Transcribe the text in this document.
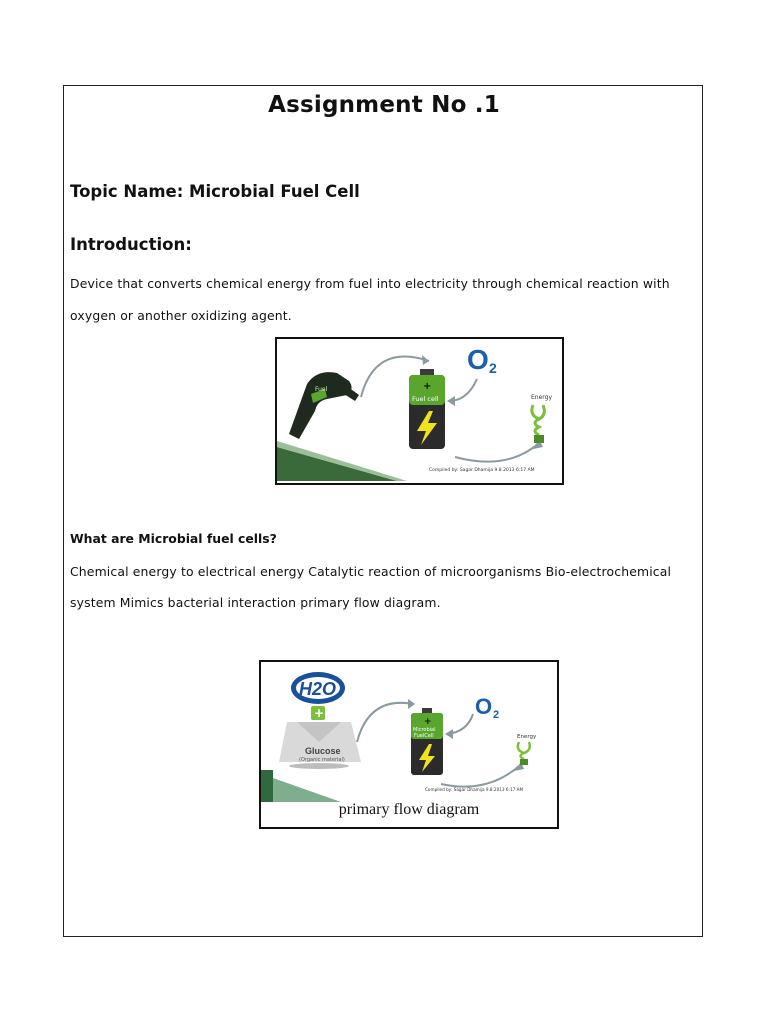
Assignment No .1
Topic Name: Microbial Fuel Cell
Introduction:
Device that converts chemical energy from fuel into electricity through chemical reaction with
oxygen or another oxidizing agent.
Fuel	+
Fuel cell
O 2
Energy
Compiled by: Sagar Dhamija 9.8.2013 6:17 AM
What are Microbial fuel cells?
Chemical energy to electrical energy Catalytic reaction of microorganisms Bio-electrochemical
system Mimics bacterial interaction primary flow diagram.
H2O
+
Glucose
(Organic material)
+
Microbial
FuelCell
O 2
Energy
Compiled by: Sagar Dhamija 9.8.2013 6:17 AM
primary flow diagram
